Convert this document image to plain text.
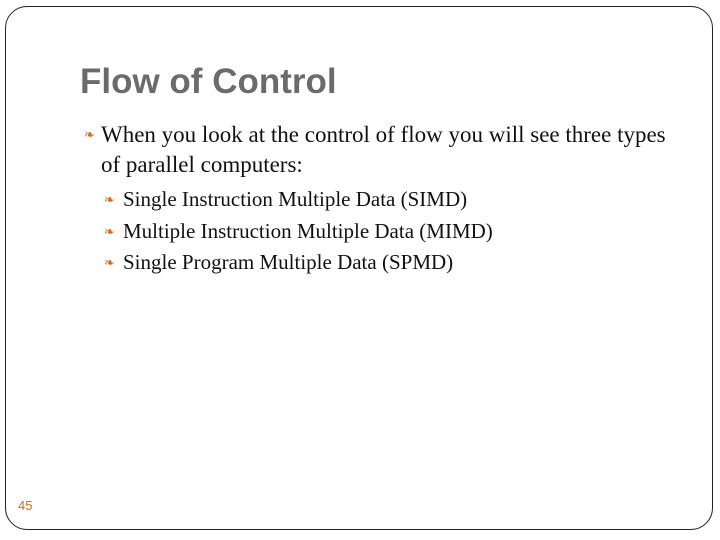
Flow of Control

❧ When you look at the control of flow you will see three types of parallel computers:

❧ Single Instruction Multiple Data (SIMD)

❧ Multiple Instruction Multiple Data (MIMD)

❧ Single Program Multiple Data (SPMD)

45
